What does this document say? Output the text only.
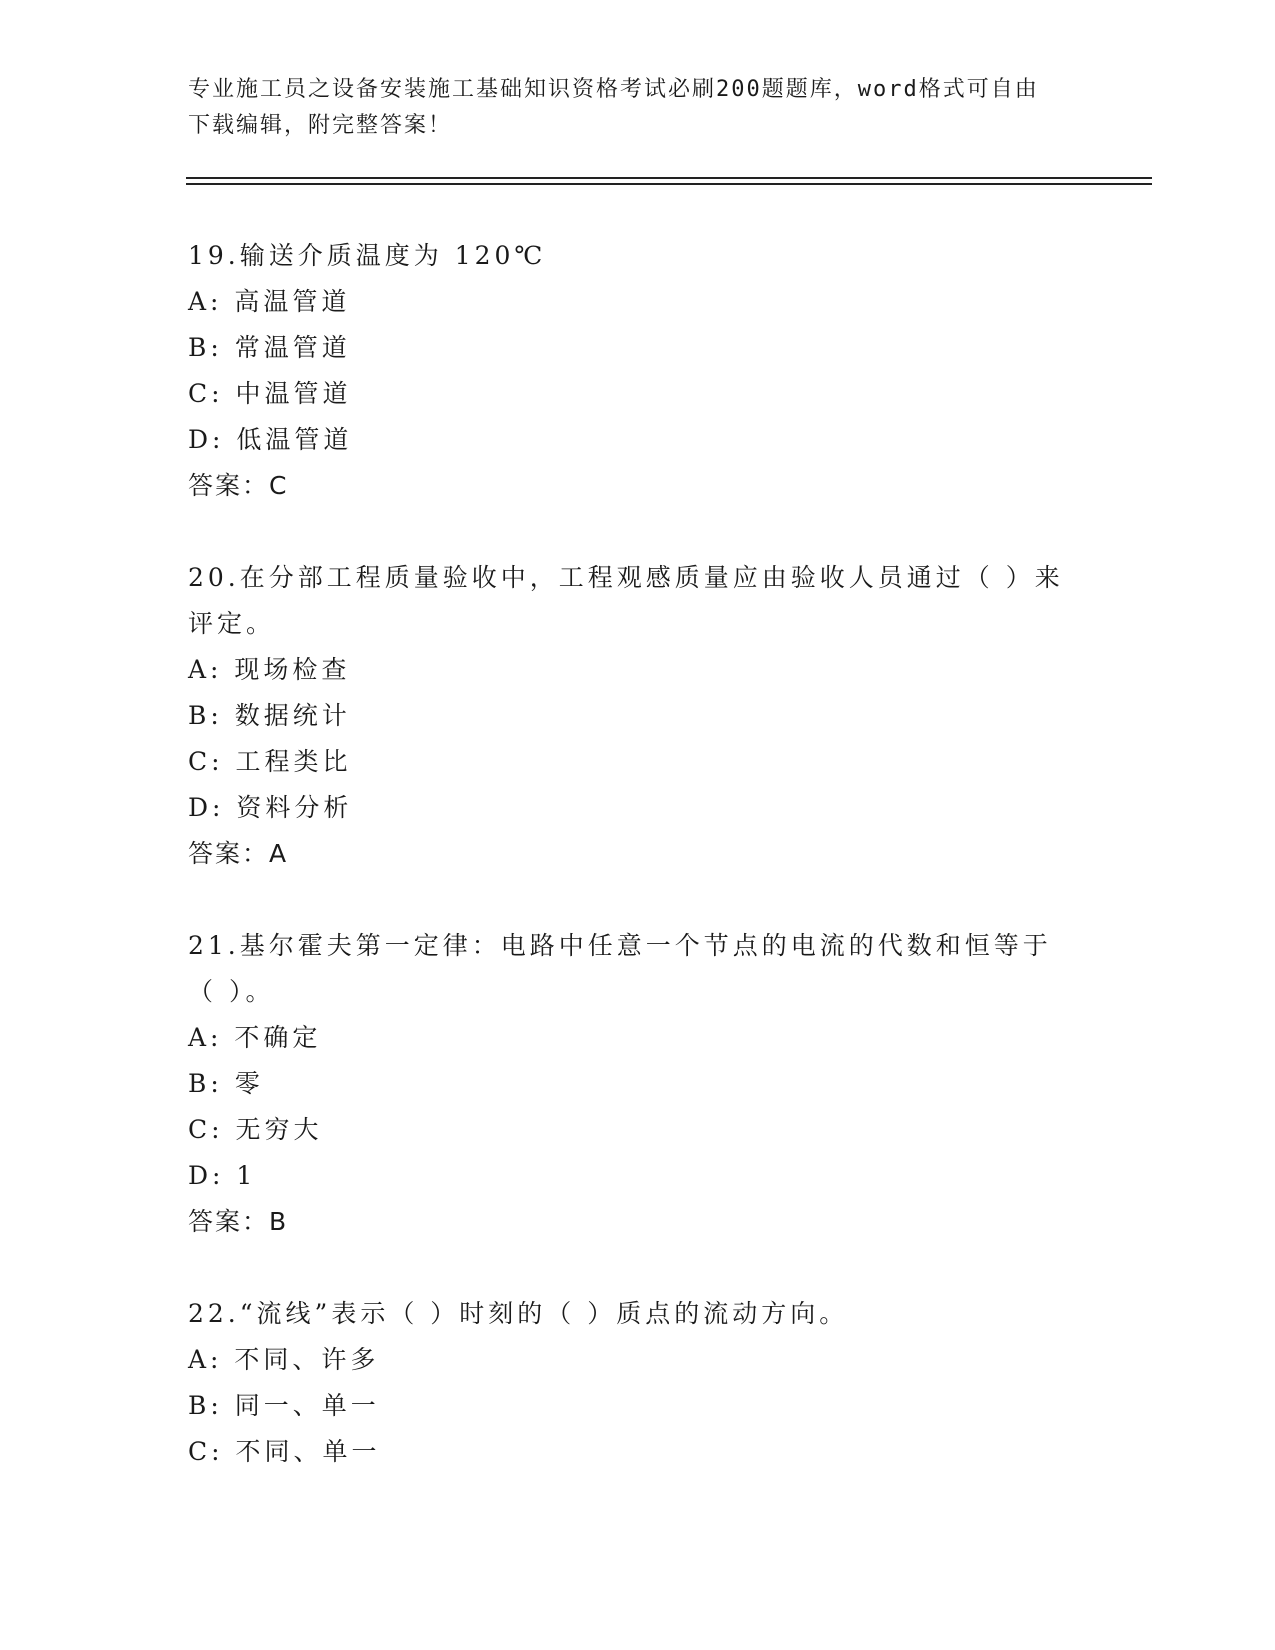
专业施工员之设备安装施工基础知识资格考试必刷200题题库，word格式可自由
下载编辑，附完整答案！
19.输送介质温度为 120℃
A: 高温管道
B: 常温管道
C: 中温管道
D: 低温管道
答案：C
20.在分部工程质量验收中，工程观感质量应由验收人员通过（ ）来评定。
A: 现场检查
B: 数据统计
C: 工程类比
D: 资料分析
答案：A
21.基尔霍夫第一定律：电路中任意一个节点的电流的代数和恒等于（ ）。
A: 不确定
B: 零
C: 无穷大
D: 1
答案：B
22.“流线”表示（ ）时刻的（ ）质点的流动方向。
A: 不同、许多
B: 同一、单一
C: 不同、单一
